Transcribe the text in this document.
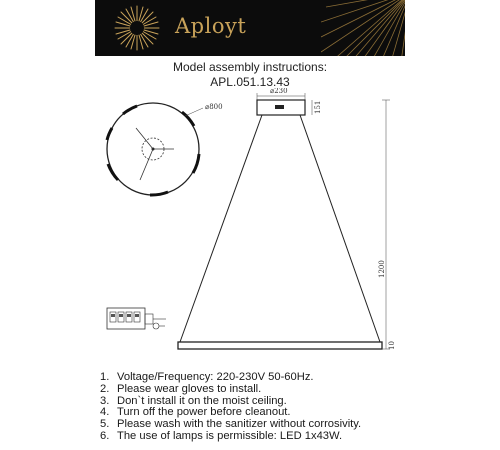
Aployt
Model assembly instructions:
APL.051.13.43
⌀800
⌀230
151
1200
10
1. Voltage/Frequency: 220-230V 50-60Hz.
2. Please wear gloves to install.
3. Don`t install it on the moist ceiling.
4. Turn off the power before cleanout.
5. Please wash with the sanitizer without corrosivity.
6. The use of lamps is permissible: LED 1x43W.
